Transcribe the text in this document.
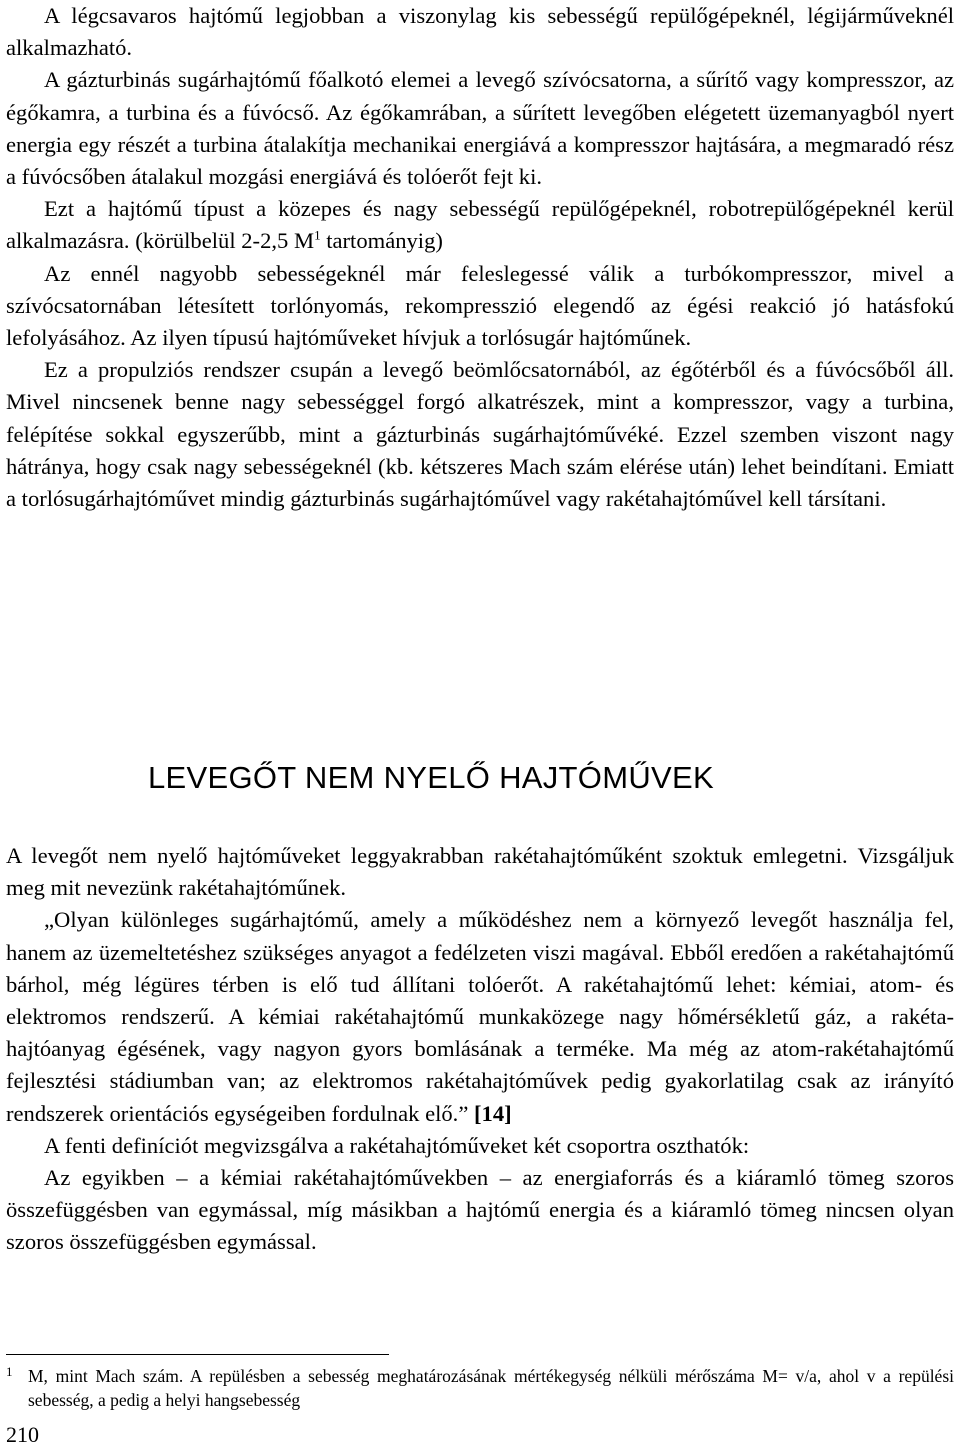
A légcsavaros hajtómű legjobban a viszonylag kis sebességű repülőgépeknél, légijárműveknél alkalmazható.

A gázturbinás sugárhajtómű főalkotó elemei a levegő szívócsatorna, a sűrítő vagy kompresszor, az égőkamra, a turbina és a fúvócső. Az égőkamrában, a sűrített levegőben elégetett üzemanyagból nyert energia egy részét a turbina átalakítja mechanikai energiává a kompresszor hajtására, a megmaradó rész a fúvócsőben átalakul mozgási energiává és tolóerőt fejt ki.

Ezt a hajtómű típust a közepes és nagy sebességű repülőgépeknél, robotrepülőgépeknél kerül alkalmazásra. (körülbelül 2-2,5 $M^1$ tartományig)

Az ennél nagyobb sebességeknél már feleslegessé válik a turbókompresszor, mivel a szívócsatornában létesített torlónyomás, rekompresszió elegendő az égési reakció jó hatásfokú lefolyásához. Az ilyen típusú hajtóműveket hívjuk a torlósugár hajtóműnek.

Ez a propulziós rendszer csupán a levegő beömlőcsatornából, az égőtérből és a fúvócsőből áll. Mivel nincsenek benne nagy sebességgel forgó alkatrészek, mint a kompresszor, vagy a turbina, felépítése sokkal egyszerűbb, mint a gázturbinás sugárhajtóművéké. Ezzel szemben viszont nagy hátránya, hogy csak nagy sebességeknél (kb. kétszeres Mach szám elérése után) lehet beindítani. Emiatt a torlósugárhajtóművet mindig gázturbinás sugárhajtóművel vagy rakétahajtóművel kell társítani.

LEVEGŐT NEM NYELŐ HAJTÓMŰVEK

A levegőt nem nyelő hajtóműveket leggyakrabban rakétahajtóműként szoktuk emlegetni. Vizsgáljuk meg mit nevezünk rakétahajtóműnek.

„Olyan különleges sugárhajtómű, amely a működéshez nem a környező levegőt használja fel, hanem az üzemeltetéshez szükséges anyagot a fedélzeten viszi magával. Ebből eredően a rakétahajtómű bárhol, még légüres térben is elő tud állítani tolóerőt. A rakétahajtómű lehet: kémiai, atom- és elektromos rendszerű. A kémiai rakétahajtómű munkaközege nagy hőmérsékletű gáz, a rakéta-hajtóanyag égésének, vagy nagyon gyors bomlásának a terméke. Ma még az atom-rakétahajtómű fejlesztési stádiumban van; az elektromos rakétahajtóművek pedig gyakorlatilag csak az irányító rendszerek orientációs egységeiben fordulnak elő.” [14]

A fenti definíciót megvizsgálva a rakétahajtóműveket két csoportra oszthatók:

Az egyikben – a kémiai rakétahajtóművekben – az energiaforrás és a kiáramló tömeg szoros összefüggésben van egymással, míg másikban a hajtómű energia és a kiáramló tömeg nincsen olyan szoros összefüggésben egymással.

1 M, mint Mach szám. A repülésben a sebesség meghatározásának mértékegység nélküli mérőszáma M= v/a, ahol v a repülési sebesség, a pedig a helyi hangsebesség
210
